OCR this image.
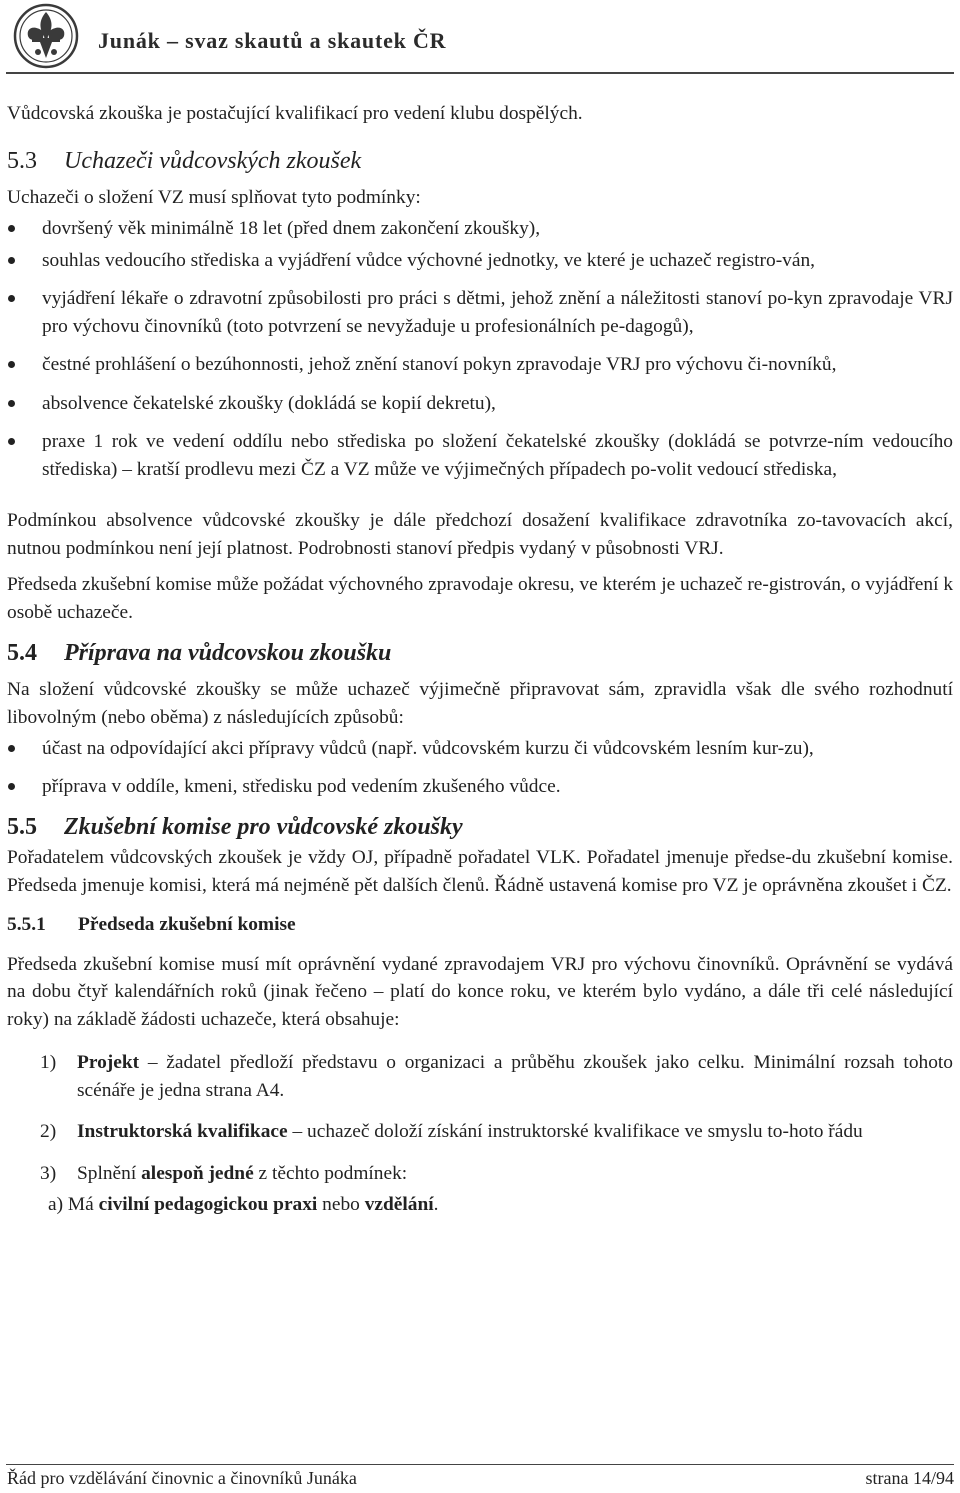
Junák – svaz skautů a skautek ČR

Vůdcovská zkouška je postačující kvalifikací pro vedení klubu dospělých.

5.3 Uchazeči vůdcovských zkoušek

Uchazeči o složení VZ musí splňovat tyto podmínky:

dovršený věk minimálně 18 let (před dnem zakončení zkoušky),
souhlas vedoucího střediska a vyjádření vůdce výchovné jednotky, ve které je uchazeč registro-ván,
vyjádření lékaře o zdravotní způsobilosti pro práci s dětmi, jehož znění a náležitosti stanoví po-kyn zpravodaje VRJ pro výchovu činovníků (toto potvrzení se nevyžaduje u profesionálních pe-dagogů),
čestné prohlášení o bezúhonnosti, jehož znění stanoví pokyn zpravodaje VRJ pro výchovu či-novníků,
absolvence čekatelské zkoušky (dokládá se kopií dekretu),
praxe 1 rok ve vedení oddílu nebo střediska po složení čekatelské zkoušky (dokládá se potvrze-ním vedoucího střediska) – kratší prodlevu mezi ČZ a VZ může ve výjimečných případech po-volit vedoucí střediska,

Podmínkou absolvence vůdcovské zkoušky je dále předchozí dosažení kvalifikace zdravotníka zo-tavovacích akcí, nutnou podmínkou není její platnost. Podrobnosti stanoví předpis vydaný v působnosti VRJ.

Předseda zkušební komise může požádat výchovného zpravodaje okresu, ve kterém je uchazeč re-gistrován, o vyjádření k osobě uchazeče.

5.4 Příprava na vůdcovskou zkoušku

Na složení vůdcovské zkoušky se může uchazeč výjimečně připravovat sám, zpravidla však dle svého rozhodnutí libovolným (nebo oběma) z následujících způsobů:

účast na odpovídající akci přípravy vůdců (např. vůdcovském kurzu či vůdcovském lesním kur-zu),
příprava v oddíle, kmeni, středisku pod vedením zkušeného vůdce.

5.5 Zkušební komise pro vůdcovské zkoušky

Pořadatelem vůdcovských zkoušek je vždy OJ, případně pořadatel VLK. Pořadatel jmenuje předse-du zkušební komise. Předseda jmenuje komisi, která má nejméně pět dalších členů. Řádně ustavená komise pro VZ je oprávněna zkoušet i ČZ.

5.5.1 Předseda zkušební komise

Předseda zkušební komise musí mít oprávnění vydané zpravodajem VRJ pro výchovu činovníků. Oprávnění se vydává na dobu čtyř kalendářních roků (jinak řečeno – platí do konce roku, ve kterém bylo vydáno, a dále tři celé následující roky) na základě žádosti uchazeče, která obsahuje:

1) Projekt – žadatel předloží představu o organizaci a průběhu zkoušek jako celku. Minimální rozsah tohoto scénáře je jedna strana A4.
2) Instruktorská kvalifikace – uchazeč doloží získání instruktorské kvalifikace ve smyslu to-hoto řádu
3) Splnění alespoň jedné z těchto podmínek:

a) Má civilní pedagogickou praxi nebo vzdělání.

Řád pro vzdělávání činovnic a činovníků Junáka	strana 14/94
